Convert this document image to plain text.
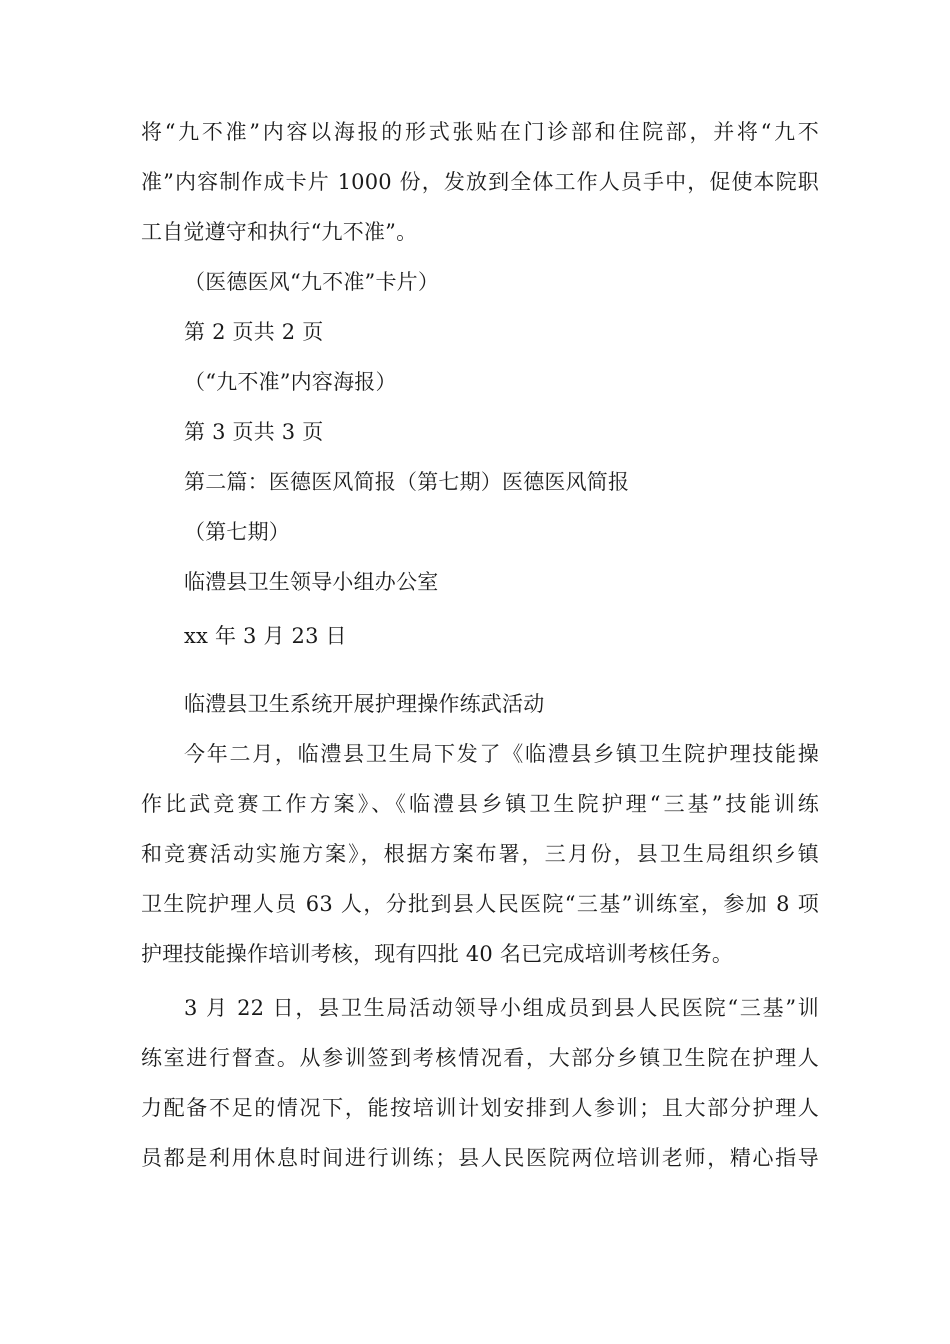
将“九不准”内容以海报的形式张贴在门诊部和住院部，并将“九不
准”内容制作成卡片 1000 份，发放到全体工作人员手中，促使本院职
工自觉遵守和执行“九不准”。
（医德医风“九不准”卡片）
第 2 页共 2 页
（“九不准”内容海报）
第 3 页共 3 页
第二篇：医德医风简报（第七期）医德医风简报
（第七期）
临澧县卫生领导小组办公室
xx 年 3 月 23 日
临澧县卫生系统开展护理操作练武活动
今年二月，临澧县卫生局下发了《临澧县乡镇卫生院护理技能操
作比武竞赛工作方案》、《临澧县乡镇卫生院护理“三基”技能训练
和竞赛活动实施方案》，根据方案布署，三月份，县卫生局组织乡镇
卫生院护理人员 63 人，分批到县人民医院“三基”训练室，参加 8 项
护理技能操作培训考核，现有四批 40 名已完成培训考核任务。
3 月 22 日，县卫生局活动领导小组成员到县人民医院“三基”训
练室进行督查。从参训签到考核情况看，大部分乡镇卫生院在护理人
力配备不足的情况下，能按培训计划安排到人参训；且大部分护理人
员都是利用休息时间进行训练；县人民医院两位培训老师，精心指导
